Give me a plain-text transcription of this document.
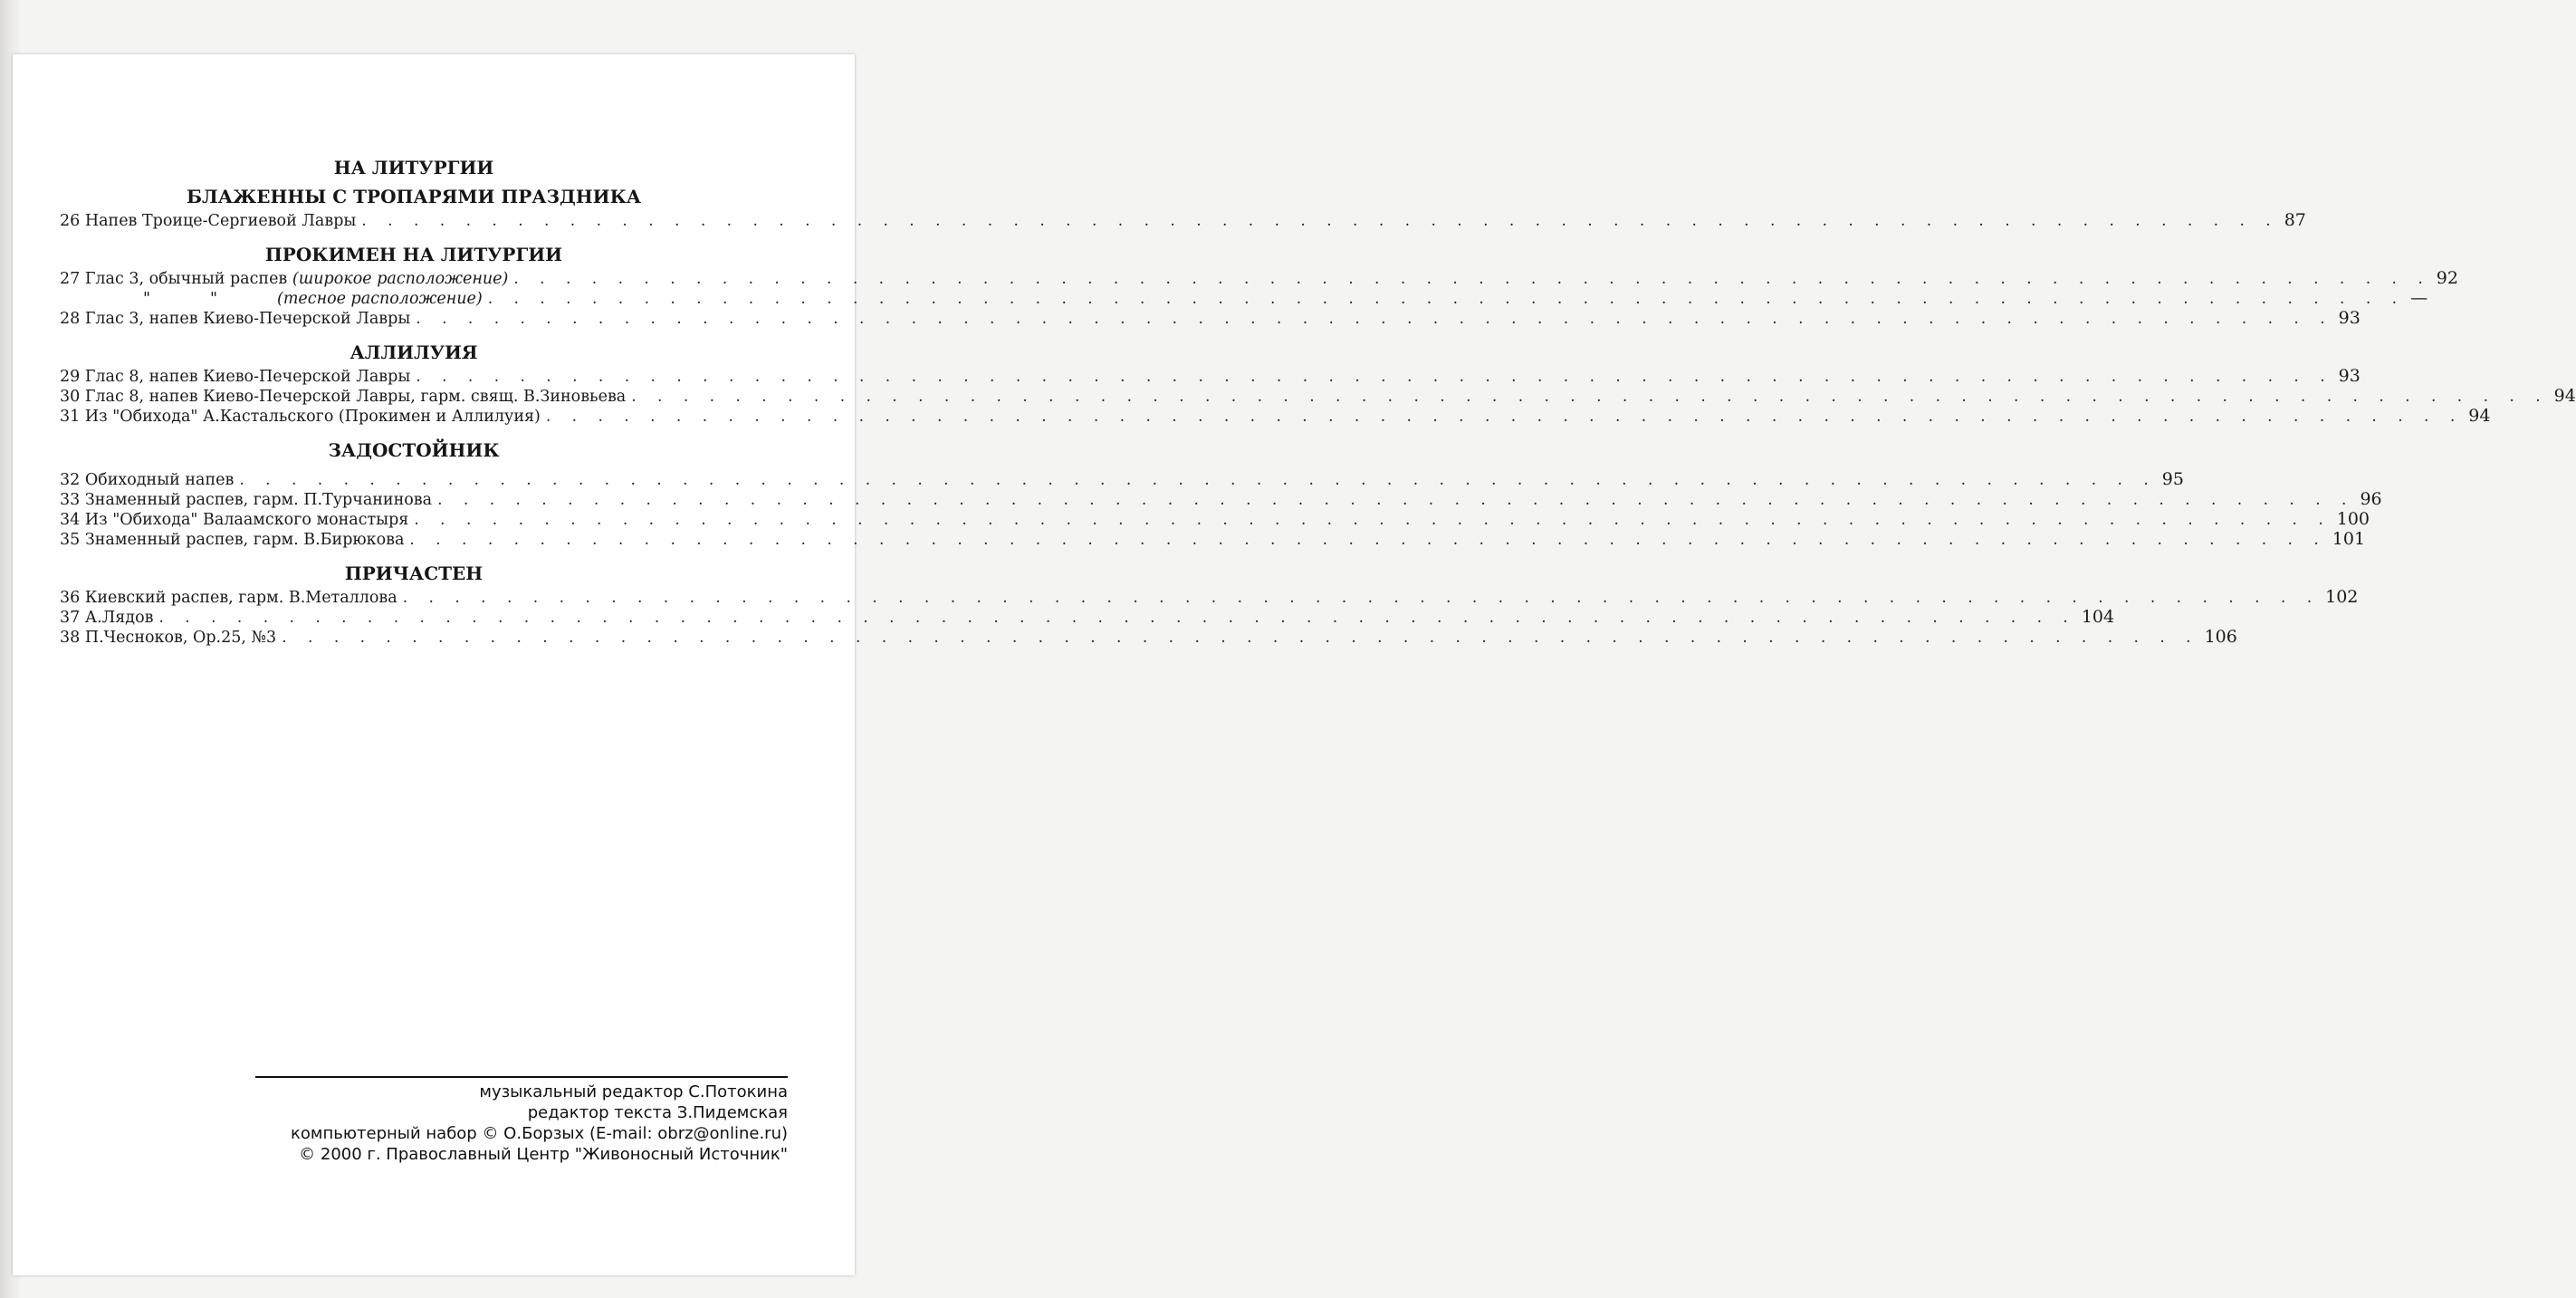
НА ЛИТУРГИИ
БЛАЖЕННЫ С ТРОПАРЯМИ ПРАЗДНИКА
26 Напев Троице-Сергиевой Лавры . . . . . . . . . . . . . . . . . . . . . . . . . . . . . . . . . . . . . . . . . . . . . . . . . . . . . . . . . . . . . . . . . . . . . . . . . . 87
ПРОКИМЕН НА ЛИТУРГИИ
27 Глас 3, обычный распев (широкое расположение) . . . . . . . . . . . . . . . . . . . . . . . . . . . . . . . . . . . . . . . . . . . . . . . . . . . . . . . . . . . . . . . . . . . . . . . . . . 92
"	"	(тесное расположение) . . . . . . . . . . . . . . . . . . . . . . . . . . . . . . . . . . . . . . . . . . . . . . . . . . . . . . . . . . . . . . . . . . . . . . . . . . —
28 Глас 3, напев Киево-Печерской Лавры . . . . . . . . . . . . . . . . . . . . . . . . . . . . . . . . . . . . . . . . . . . . . . . . . . . . . . . . . . . . . . . . . . . . . . . . . . 93
АЛЛИЛУИЯ
29 Глас 8, напев Киево-Печерской Лавры . . . . . . . . . . . . . . . . . . . . . . . . . . . . . . . . . . . . . . . . . . . . . . . . . . . . . . . . . . . . . . . . . . . . . . . . . . 93
30 Глас 8, напев Киево-Печерской Лавры, гарм. свящ. В.Зиновьева . . . . . . . . . . . . . . . . . . . . . . . . . . . . . . . . . . . . . . . . . . . . . . . . . . . . . . . . . . . . . . . . . . . . . . . . . . 94
31 Из "Обихода" А.Кастальского (Прокимен и Аллилуия) . . . . . . . . . . . . . . . . . . . . . . . . . . . . . . . . . . . . . . . . . . . . . . . . . . . . . . . . . . . . . . . . . . . . . . . . . . 94
ЗАДОСТОЙНИК
32 Обиходный напев . . . . . . . . . . . . . . . . . . . . . . . . . . . . . . . . . . . . . . . . . . . . . . . . . . . . . . . . . . . . . . . . . . . . . . . . . . 95
33 Знаменный распев, гарм. П.Турчанинова . . . . . . . . . . . . . . . . . . . . . . . . . . . . . . . . . . . . . . . . . . . . . . . . . . . . . . . . . . . . . . . . . . . . . . . . . . 96
34 Из "Обихода" Валаамского монастыря . . . . . . . . . . . . . . . . . . . . . . . . . . . . . . . . . . . . . . . . . . . . . . . . . . . . . . . . . . . . . . . . . . . . . . . . . . 100
35 Знаменный распев, гарм. В.Бирюкова . . . . . . . . . . . . . . . . . . . . . . . . . . . . . . . . . . . . . . . . . . . . . . . . . . . . . . . . . . . . . . . . . . . . . . . . . . 101
ПРИЧАСТЕН
36 Киевский распев, гарм. В.Металлова . . . . . . . . . . . . . . . . . . . . . . . . . . . . . . . . . . . . . . . . . . . . . . . . . . . . . . . . . . . . . . . . . . . . . . . . . . 102
37 А.Лядов . . . . . . . . . . . . . . . . . . . . . . . . . . . . . . . . . . . . . . . . . . . . . . . . . . . . . . . . . . . . . . . . . . . . . . . . . . 104
38 П.Чесноков, Ор.25, №3 . . . . . . . . . . . . . . . . . . . . . . . . . . . . . . . . . . . . . . . . . . . . . . . . . . . . . . . . . . . . . . . . . . . . . . . . . . 106
музыкальный редактор С.Потокина
редактор текста З.Пидемская
компьютерный набор © О.Борзых (E-mail: obrz@online.ru)
© 2000 г. Православный Центр "Живоносный Источник"
